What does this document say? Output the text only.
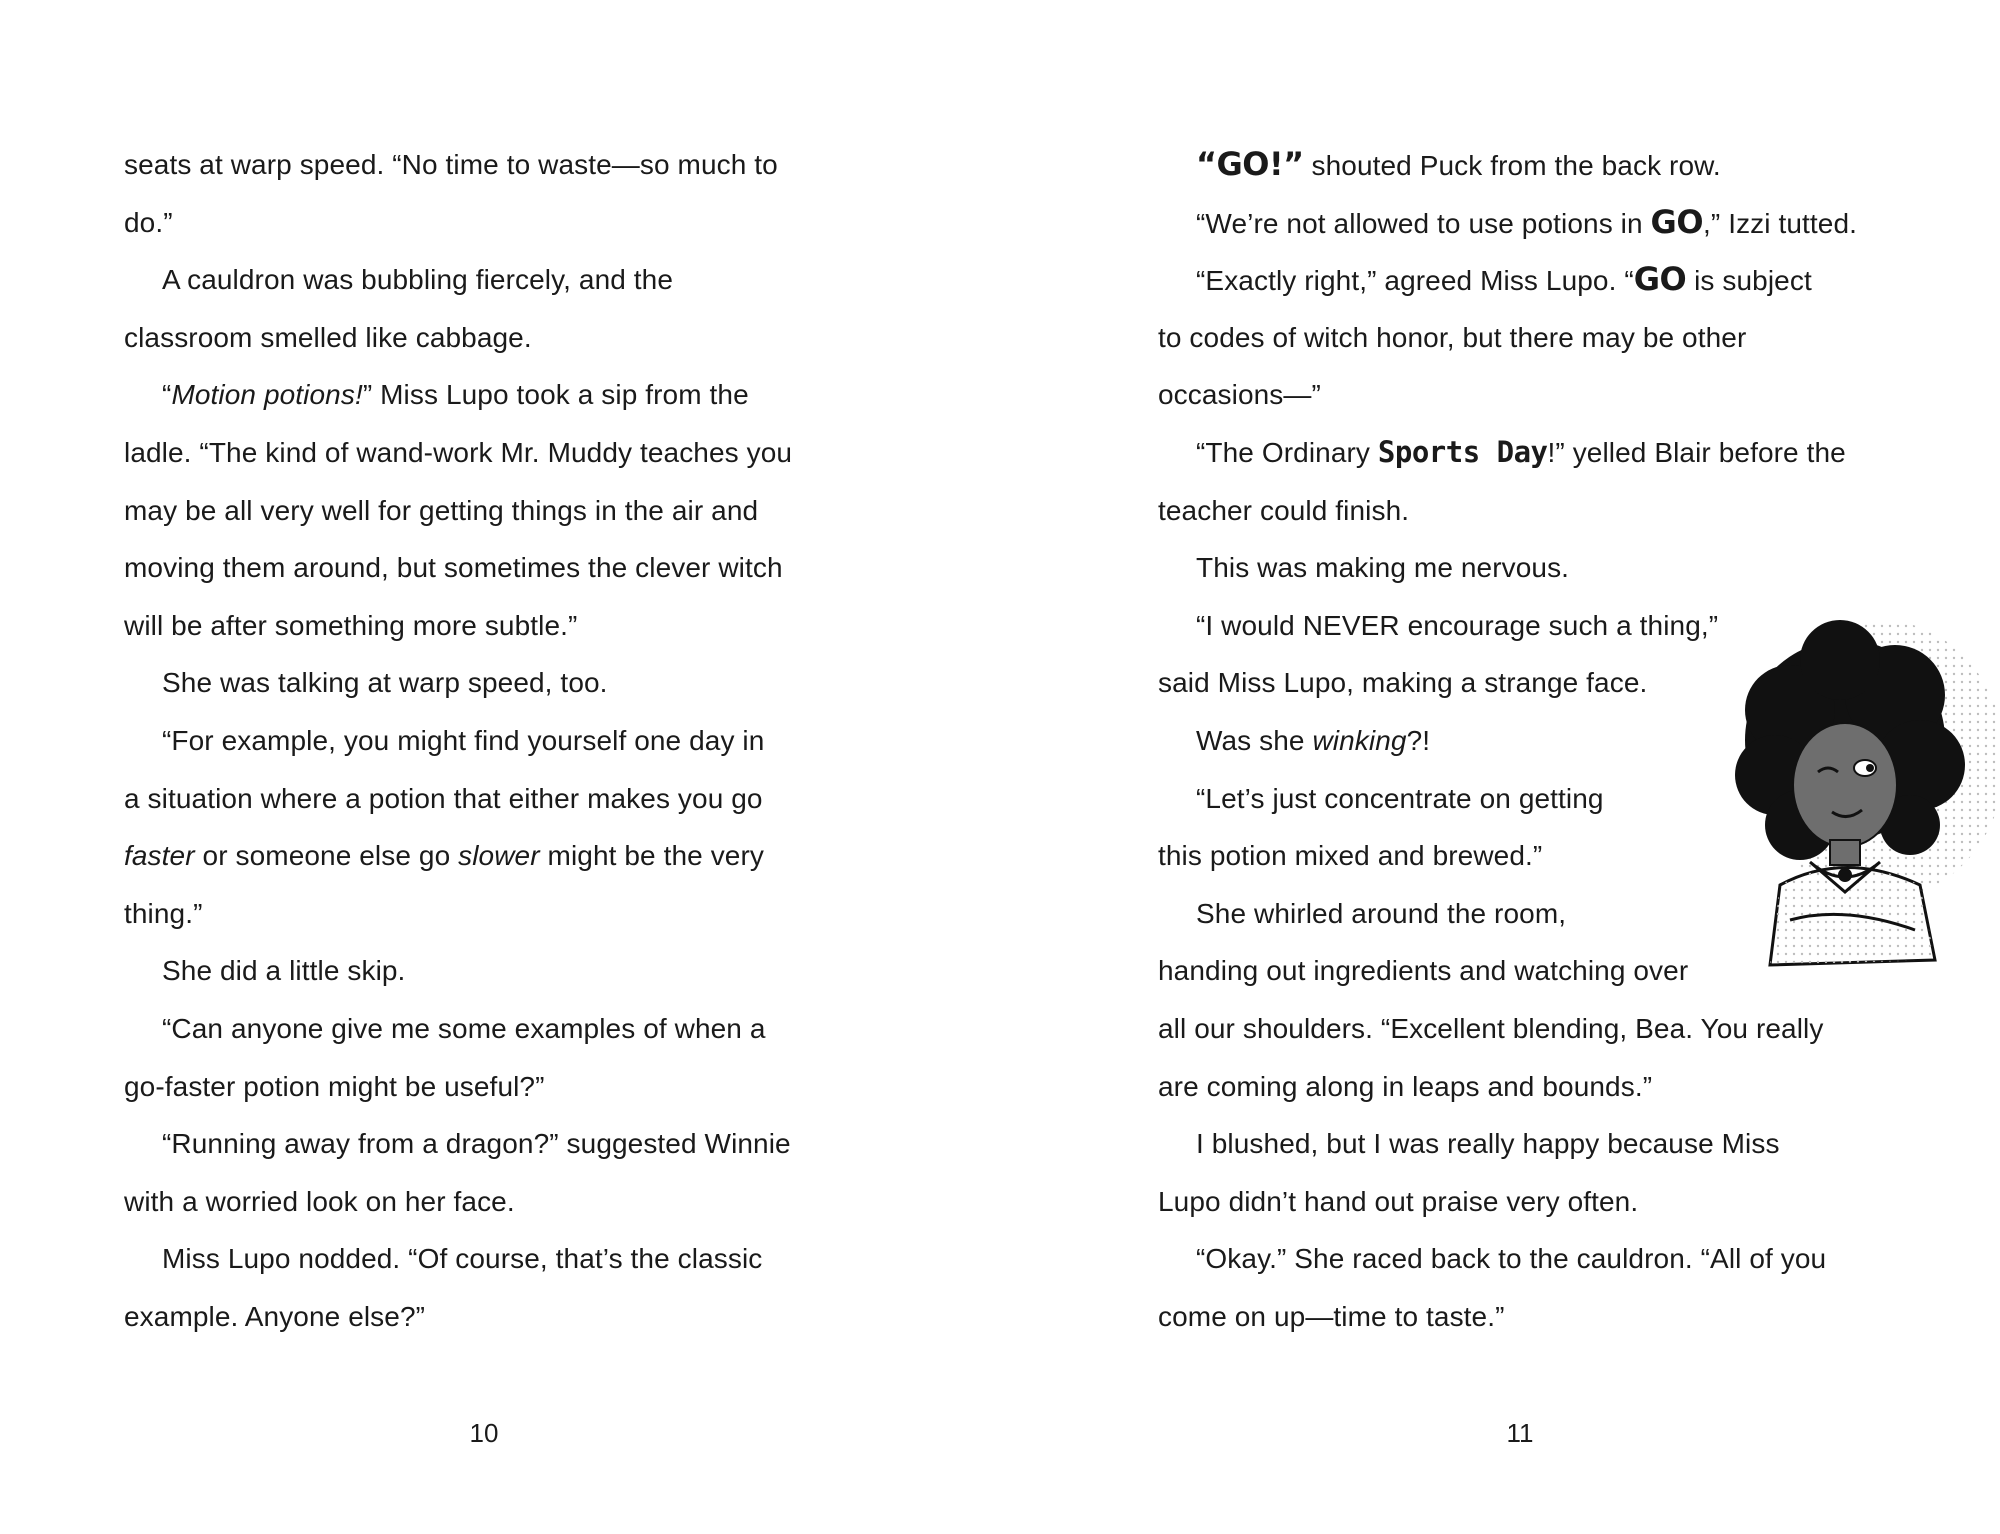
seats at warp speed. “No time to waste—so much to
do.”
A cauldron was bubbling fiercely, and the
classroom smelled like cabbage.
“Motion potions!” Miss Lupo took a sip from the
ladle. “The kind of wand-work Mr. Muddy teaches you
may be all very well for getting things in the air and
moving them around, but sometimes the clever witch
will be after something more subtle.”
She was talking at warp speed, too.
“For example, you might find yourself one day in
a situation where a potion that either makes you go
faster or someone else go slower might be the very
thing.”
She did a little skip.
“Can anyone give me some examples of when a
go-faster potion might be useful?”
“Running away from a dragon?” suggested Winnie
with a worried look on her face.
Miss Lupo nodded. “Of course, that’s the classic
example. Anyone else?”
10
“GO!” shouted Puck from the back row.
“We’re not allowed to use potions in GO,” Izzi tutted.
“Exactly right,” agreed Miss Lupo. “GO is subject
to codes of witch honor, but there may be other
occasions—”
“The Ordinary Sports Day!” yelled Blair before the
teacher could finish.
This was making me nervous.
“I would NEVER encourage such a thing,”
said Miss Lupo, making a strange face.
Was she winking?!
“Let’s just concentrate on getting
this potion mixed and brewed.”
She whirled around the room,
handing out ingredients and watching over
all our shoulders. “Excellent blending, Bea. You really
are coming along in leaps and bounds.”
I blushed, but I was really happy because Miss
Lupo didn’t hand out praise very often.
“Okay.” She raced back to the cauldron. “All of you
come on up—time to taste.”
11
